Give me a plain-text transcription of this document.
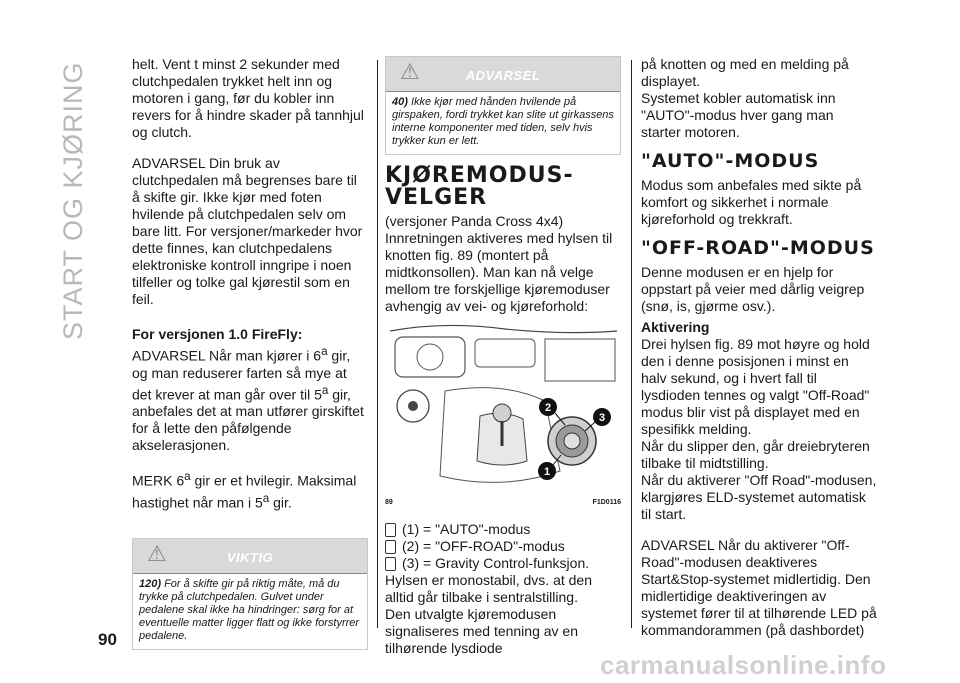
START OG KJØRING
90

helt. Vent t minst 2 sekunder med clutchpedalen trykket helt inn og motoren i gang, før du kobler inn revers for å hindre skader på tannhjul og clutch.

ADVARSEL Din bruk av clutchpedalen må begrenses bare til å skifte gir. Ikke kjør med foten hvilende på clutchpedalen selv om bare litt. For versjoner/markeder hvor dette finnes, kan clutchpedalens elektroniske kontroll inngripe i noen tilfeller og tolke gal kjørestil som en feil.

For versjonen 1.0 FireFly:

ADVARSEL Når man kjører i 6$^a$ gir, og man reduserer farten så mye at det krever at man går over til 5$^a$ gir, anbefales det at man utfører girskiftet for å lette den påfølgende akselerasjonen.

MERK 6$^a$ gir er et hvilegir. Maksimal hastighet når man i 5$^a$ gir.

⚠	VIKTIG

120) For å skifte gir på riktig måte, må du trykke på clutchpedalen. Gulvet under pedalene skal ikke ha hindringer: sørg for at eventuelle matter ligger flatt og ikke forstyrrer pedalene.

⚠	ADVARSEL

40) Ikke kjør med hånden hvilende på girspaken, fordi trykket kan slite ut girkassens interne komponenter med tiden, selv hvis trykker kun er lett.

KJØREMODUS-VELGER

(versjoner Panda Cross 4x4) Innretningen aktiveres med hylsen til knotten fig. 89 (montert på midtkonsollen). Man kan nå velge mellom tre forskjellige kjøremoduser avhengig av vei- og kjøreforhold:

2
3
1
89	F1D0116
(1) = "AUTO"-modus
(2) = "OFF-ROAD"-modus
(3) = Gravity Control-funksjon.

Hylsen er monostabil, dvs. at den alltid går tilbake i sentralstilling.

Den utvalgte kjøremodusen signaliseres med tenning av en tilhørende lysdiode

på knotten og med en melding på displayet.

Systemet kobler automatisk inn "AUTO"-modus hver gang man starter motoren.

"AUTO"-MODUS

Modus som anbefales med sikte på komfort og sikkerhet i normale kjøreforhold og trekkraft.

"OFF-ROAD"-MODUS

Denne modusen er en hjelp for oppstart på veier med dårlig veigrep (snø, is, gjørme osv.).

Aktivering

Drei hylsen fig. 89 mot høyre og hold den i denne posisjonen i minst en halv sekund, og i hvert fall til lysdioden tennes og valgt "Off-Road" modus blir vist på displayet med en spesifikk melding.

Når du slipper den, går dreiebryteren tilbake til midtstilling.

Når du aktiverer "Off Road"-modusen, klargjøres ELD-systemet automatisk til start.

ADVARSEL Når du aktiverer "Off-Road"-modusen deaktiveres Start&Stop-systemet midlertidig. Den midlertidige deaktiveringen av systemet fører til at tilhørende LED på kommandorammen (på dashbordet)

carmanualsonline.info
